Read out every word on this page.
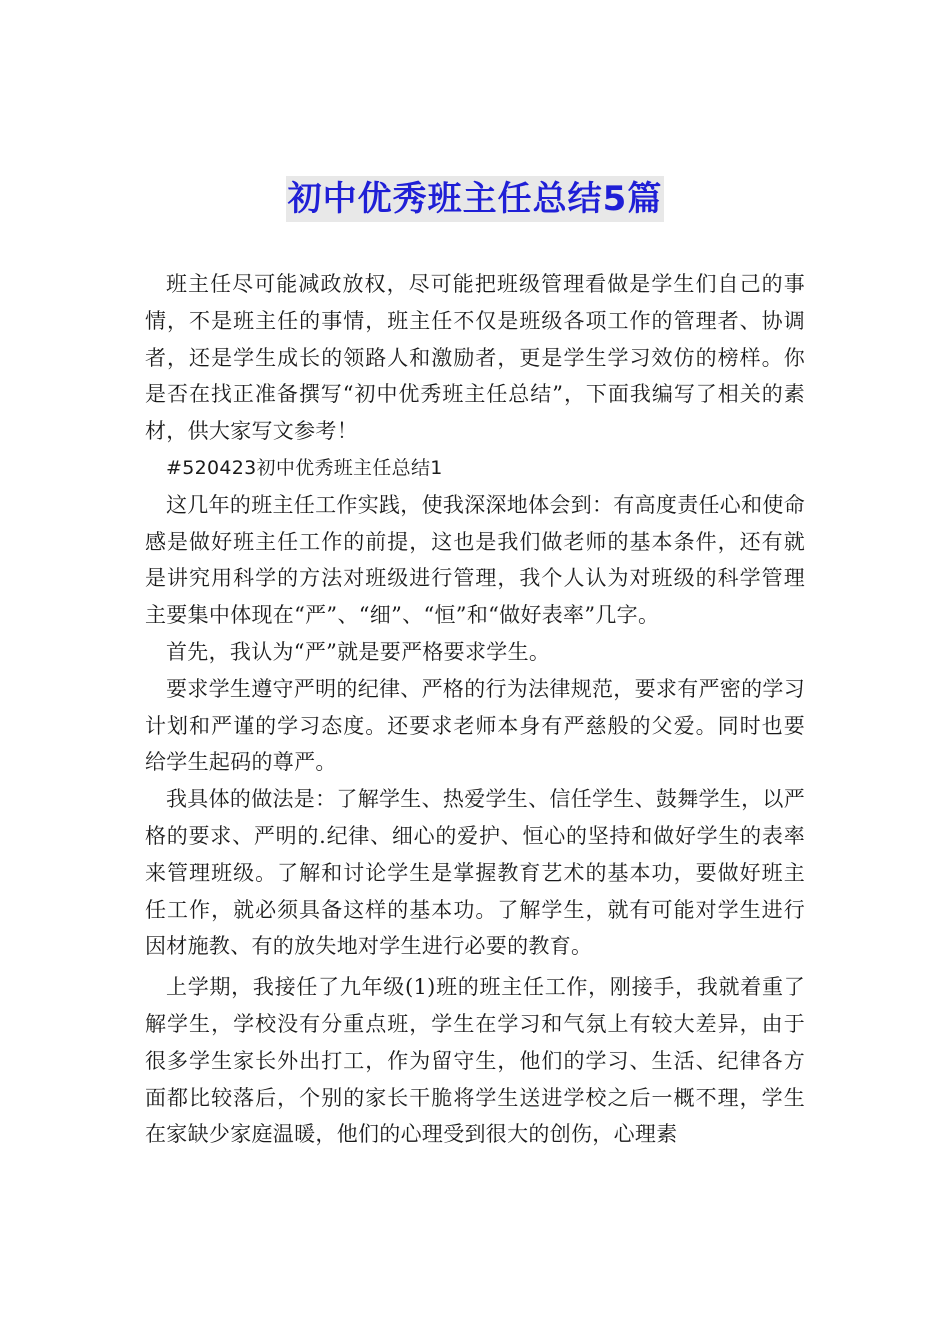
初中优秀班主任总结5篇

班主任尽可能减政放权，尽可能把班级管理看做是学生们自己的事情，不是班主任的事情，班主任不仅是班级各项工作的管理者、协调者，还是学生成长的领路人和激励者，更是学生学习效仿的榜样。你是否在找正准备撰写“初中优秀班主任总结”，下面我编写了相关的素材，供大家写文参考！

#520423初中优秀班主任总结1

这几年的班主任工作实践，使我深深地体会到：有高度责任心和使命感是做好班主任工作的前提，这也是我们做老师的基本条件，还有就是讲究用科学的方法对班级进行管理，我个人认为对班级的科学管理主要集中体现在“严”、“细”、“恒”和“做好表率”几字。

首先，我认为“严”就是要严格要求学生。

要求学生遵守严明的纪律、严格的行为法律规范，要求有严密的学习计划和严谨的学习态度。还要求老师本身有严慈般的父爱。同时也要给学生起码的尊严。

我具体的做法是：了解学生、热爱学生、信任学生、鼓舞学生，以严格的要求、严明的.纪律、细心的爱护、恒心的坚持和做好学生的表率来管理班级。了解和讨论学生是掌握教育艺术的基本功，要做好班主任工作，就必须具备这样的基本功。了解学生，就有可能对学生进行因材施教、有的放失地对学生进行必要的教育。

上学期，我接任了九年级(1)班的班主任工作，刚接手，我就着重了解学生，学校没有分重点班，学生在学习和气氛上有较大差异，由于很多学生家长外出打工，作为留守生，他们的学习、生活、纪律各方面都比较落后，个别的家长干脆将学生送进学校之后一概不理，学生在家缺少家庭温暖，他们的心理受到很大的创伤，心理素
